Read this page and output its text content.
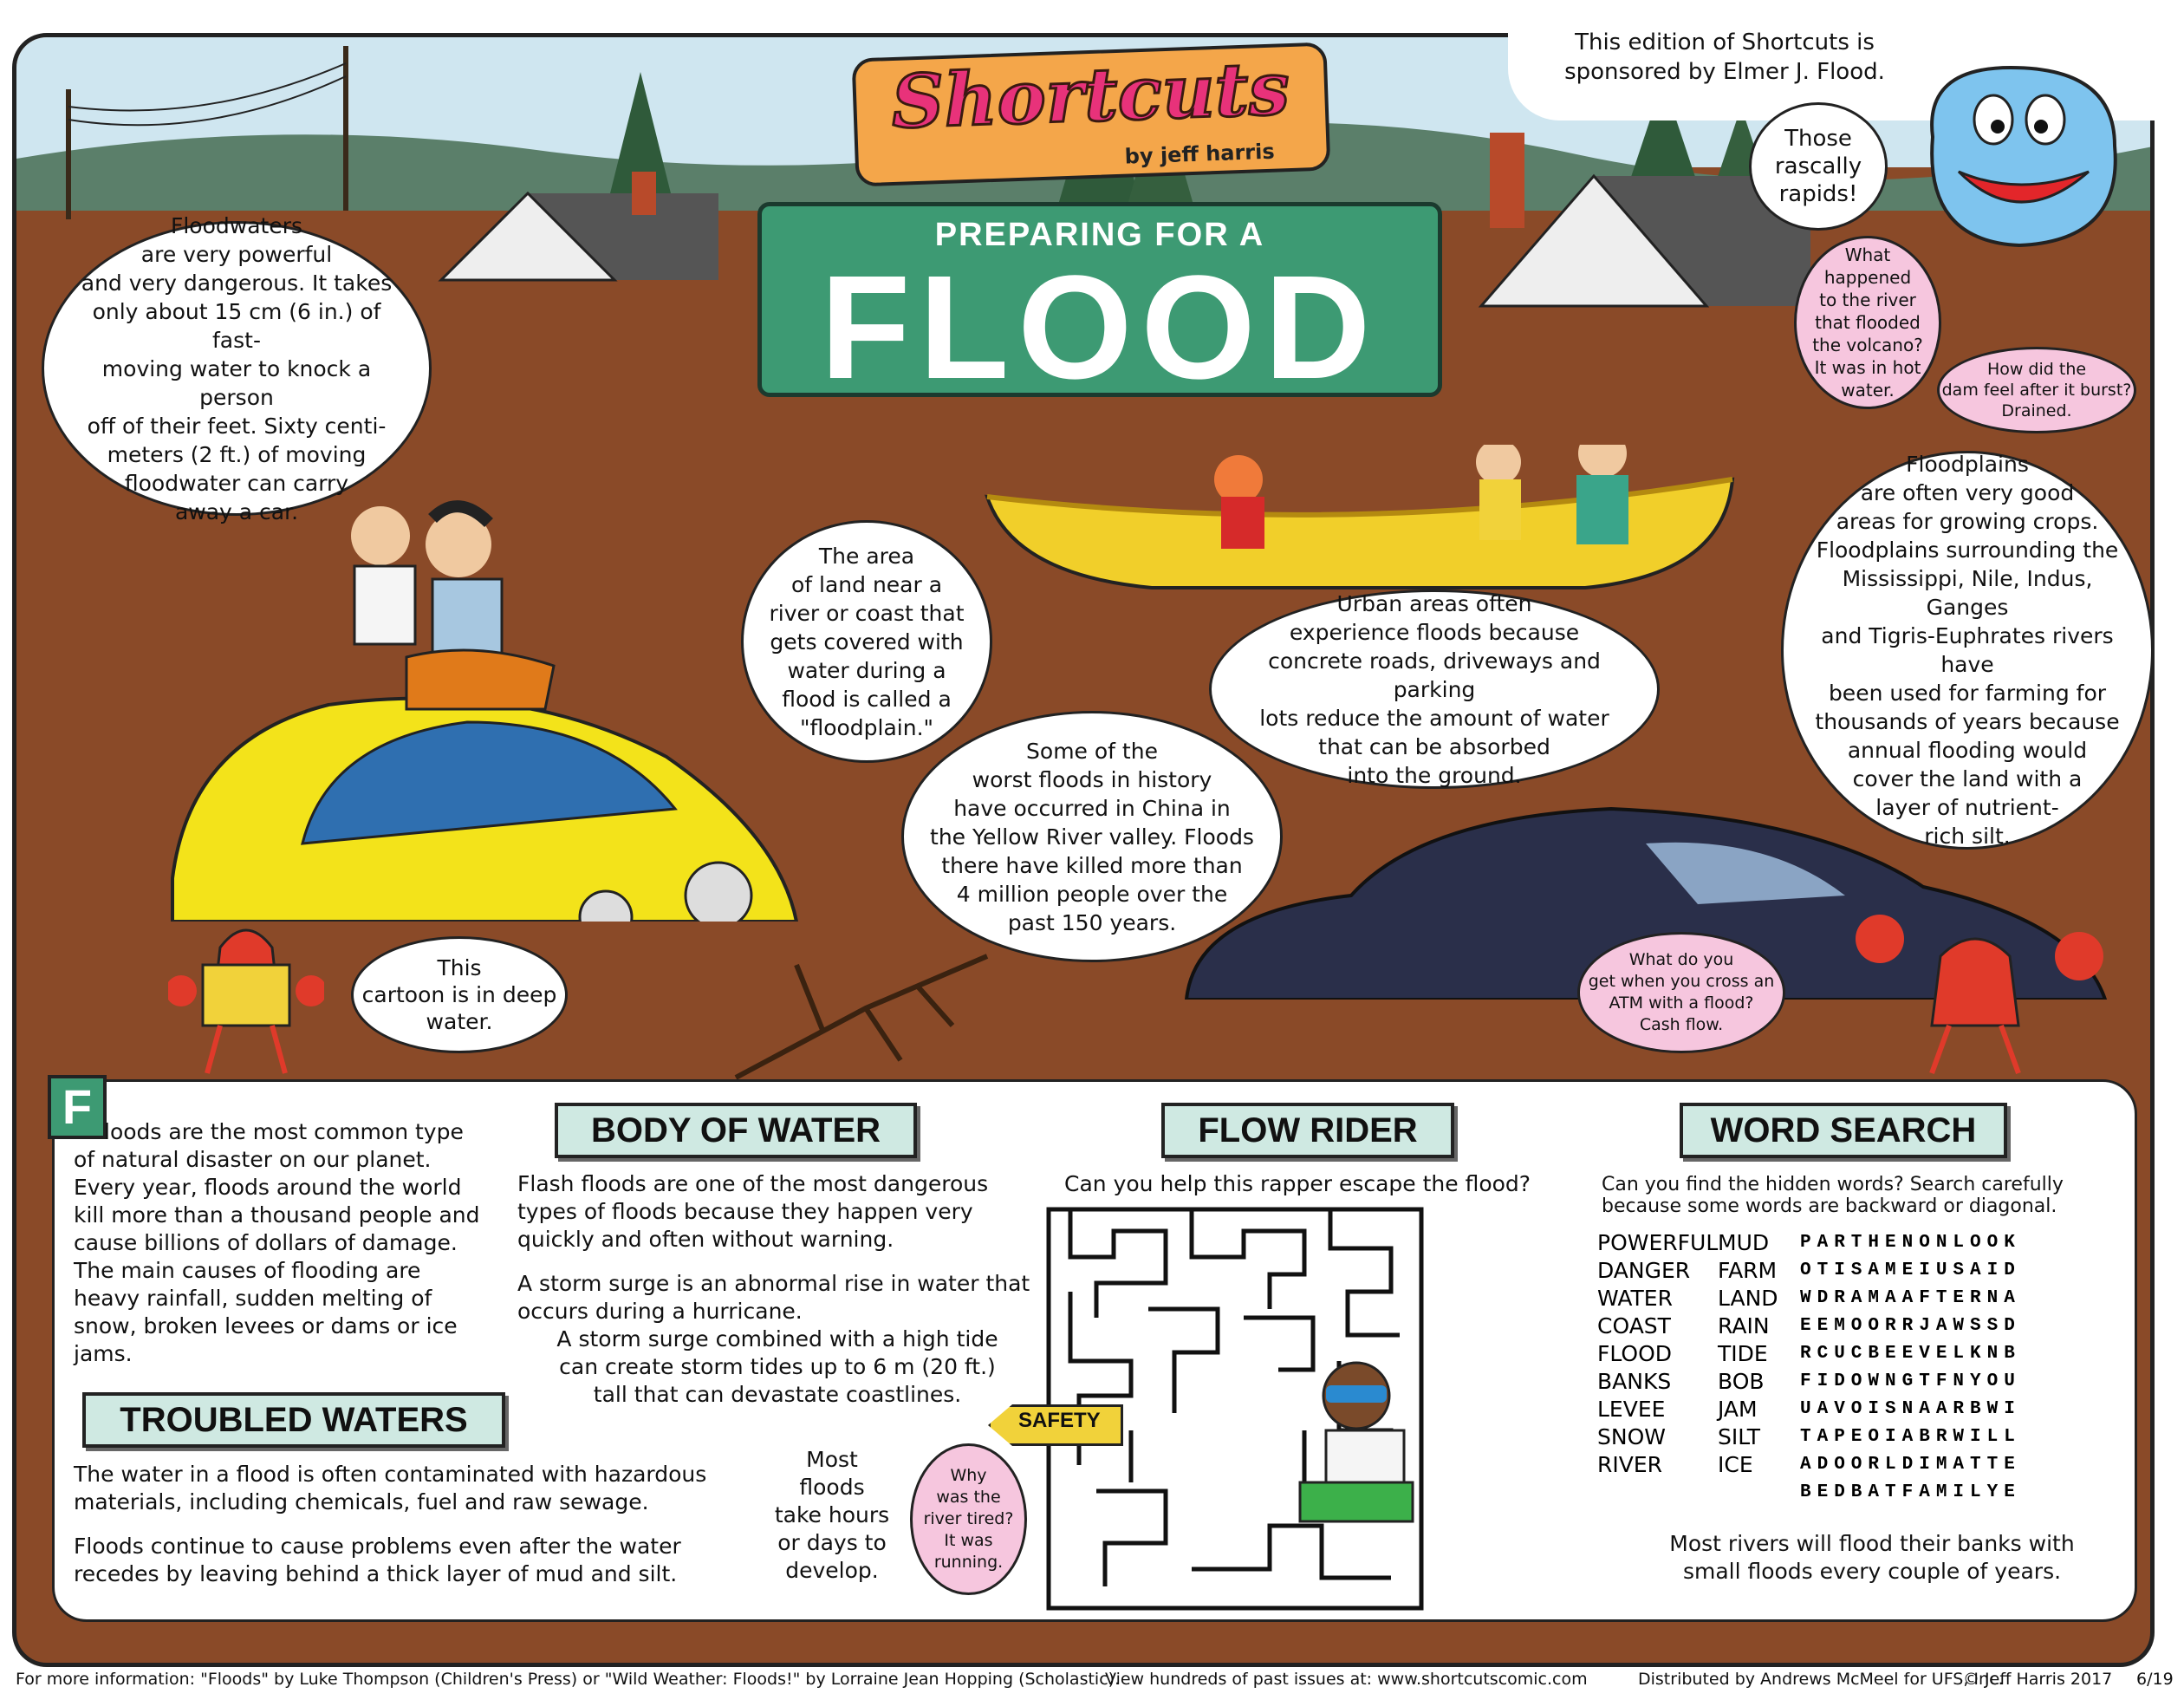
PREPARING FOR A
FLOOD
This edition of Shortcuts is
sponsored by Elmer J. Flood.
Shortcuts
by jeff harris
Floodwaters
are very powerful
and very dangerous. It takes
only about 15 cm (6 in.) of fast-
moving water to knock a person
off of their feet. Sixty centi-
meters (2 ft.) of moving
floodwater can carry
away a car.
Those
rascally
rapids!
What
happened
to the river
that flooded
the volcano?
It was in hot
water.
How did the
dam feel after it burst?
Drained.
The area
of land near a
river or coast that
gets covered with
water during a
flood is called a
"floodplain."
Urban areas often
experience floods because
concrete roads, driveways and parking
lots reduce the amount of water
that can be absorbed
into the ground.
Floodplains
are often very good
areas for growing crops.
Floodplains surrounding the
Mississippi, Nile, Indus, Ganges
and Tigris-Euphrates rivers have
been used for farming for
thousands of years because
annual flooding would
cover the land with a
layer of nutrient-
rich silt.
Some of the
worst floods in history
have occurred in China in
the Yellow River valley. Floods
there have killed more than
4 million people over the
past 150 years.
This
cartoon is in deep
water.
What do you
get when you cross an
ATM with a flood?
Cash flow.
F loods are the most common type of natural disaster on our planet. Every year, floods around the world kill more than a thousand people and cause billions of dollars of damage. The main causes of flooding are heavy rainfall, sudden melting of snow, broken levees or dams or ice jams.
BODY OF WATER
Flash floods are one of the most dangerous types of floods because they happen very quickly and often without warning.
A storm surge is an abnormal rise in water that occurs during a hurricane.
A storm surge combined with a high tide
can create storm tides up to 6 m (20 ft.)
tall that can devastate coastlines.
TROUBLED WATERS
The water in a flood is often contaminated with hazardous materials, including chemicals, fuel and raw sewage.
Floods continue to cause problems even after the water recedes by leaving behind a thick layer of mud and silt.
Most
floods
take hours
or days to
develop.
Why
was the
river tired?
It was
running.
FLOW RIDER
Can you help this rapper escape the flood?
SAFETY
WORD SEARCH
Can you find the hidden words? Search carefully
because some words are backward or diagonal.
POWERFUL
DANGER
WATER
COAST
FLOOD
BANKS
LEVEE
SNOW
RIVER
MUD
FARM
LAND
RAIN
TIDE
BOB
JAM
SILT
ICE
PARTHENONLOOK
OTISAMEIUSAID
WDRAMAAFTERNA
EEMOORRJAWSSD
RCUCBEEVELKNB
FIDOWNGTFNYOU
UAVOISNAARBWI
TAPEOIABRWILL
ADOORLDIMATTE
BEDBATFAMILYE
Most rivers will flood their banks with
small floods every couple of years.
For more information: "Floods" by Luke Thompson (Children's Press) or "Wild Weather: Floods!" by Lorraine Jean Hopping (Scholastic).
View hundreds of past issues at: www.shortcutscomic.com	Distributed by Andrews McMeel for UFS, Inc.
© Jeff Harris 2017 6/19
